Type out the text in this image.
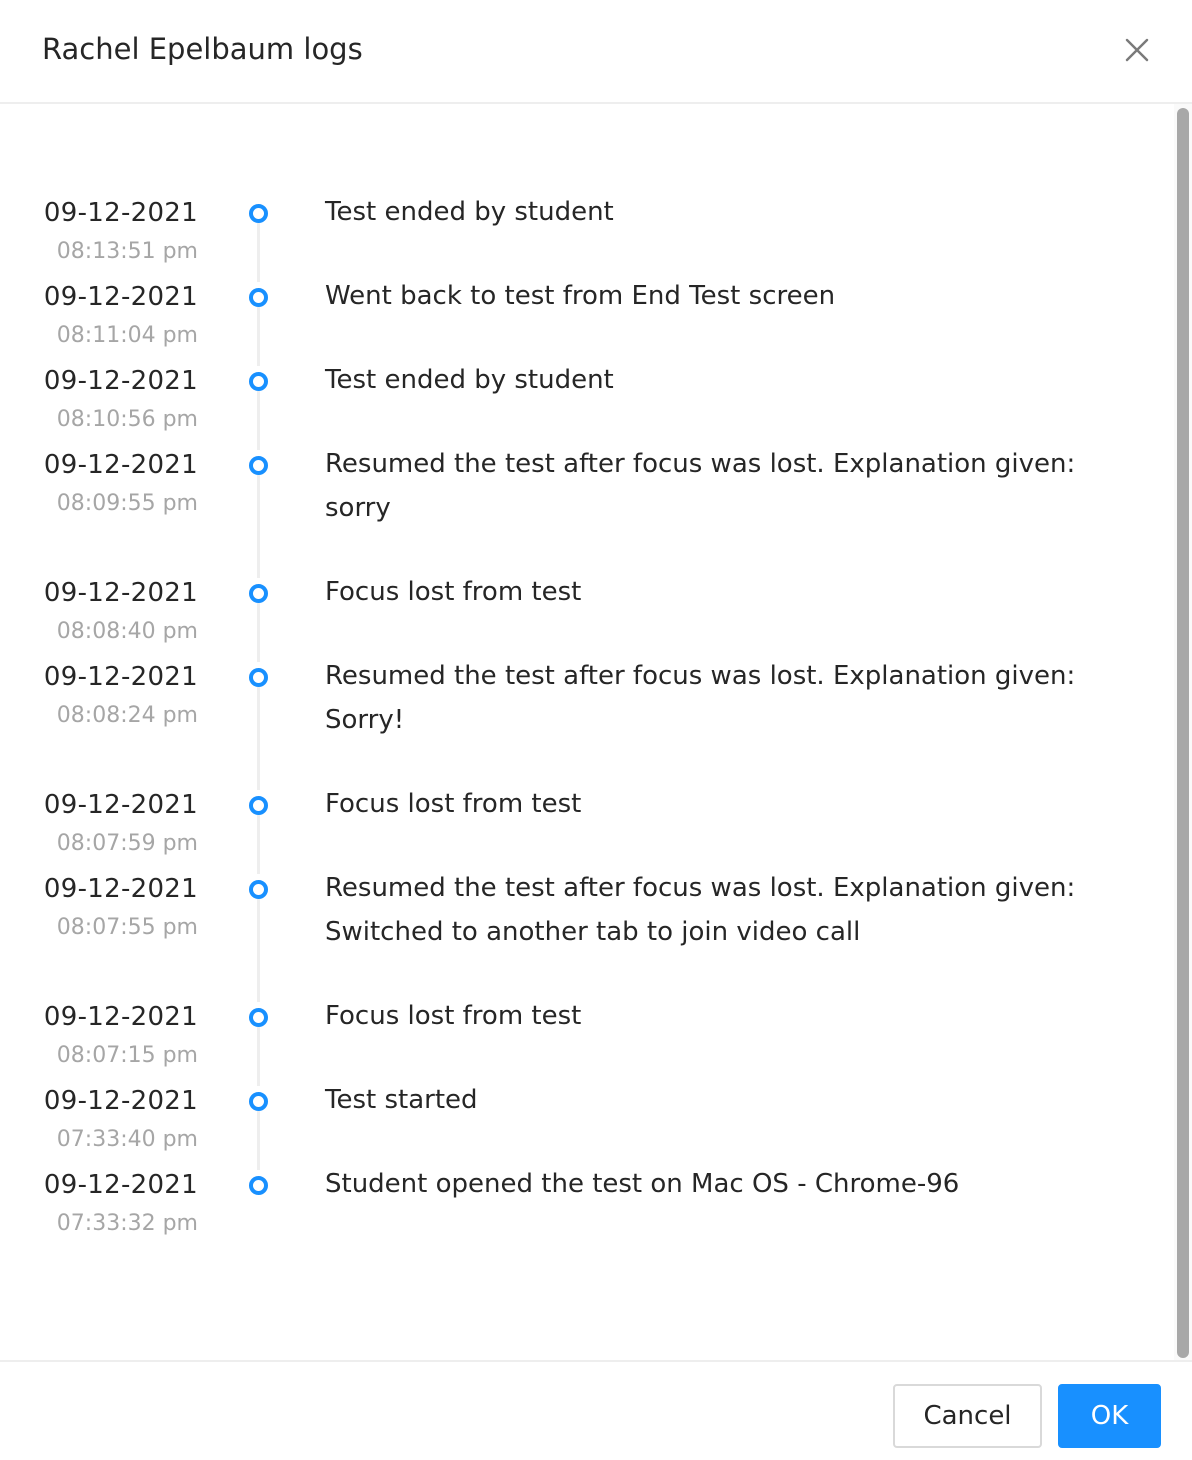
Rachel Epelbaum logs
09-12-2021
08:13:51 pm
Test ended by student
09-12-2021
08:11:04 pm
Went back to test from End Test screen
09-12-2021
08:10:56 pm
Test ended by student
09-12-2021
08:09:55 pm
Resumed the test after focus was lost. Explanation given:
sorry
09-12-2021
08:08:40 pm
Focus lost from test
09-12-2021
08:08:24 pm
Resumed the test after focus was lost. Explanation given:
Sorry!
09-12-2021
08:07:59 pm
Focus lost from test
09-12-2021
08:07:55 pm
Resumed the test after focus was lost. Explanation given:
Switched to another tab to join video call
09-12-2021
08:07:15 pm
Focus lost from test
09-12-2021
07:33:40 pm
Test started
09-12-2021
07:33:32 pm
Student opened the test on Mac OS - Chrome-96
Cancel	OK
